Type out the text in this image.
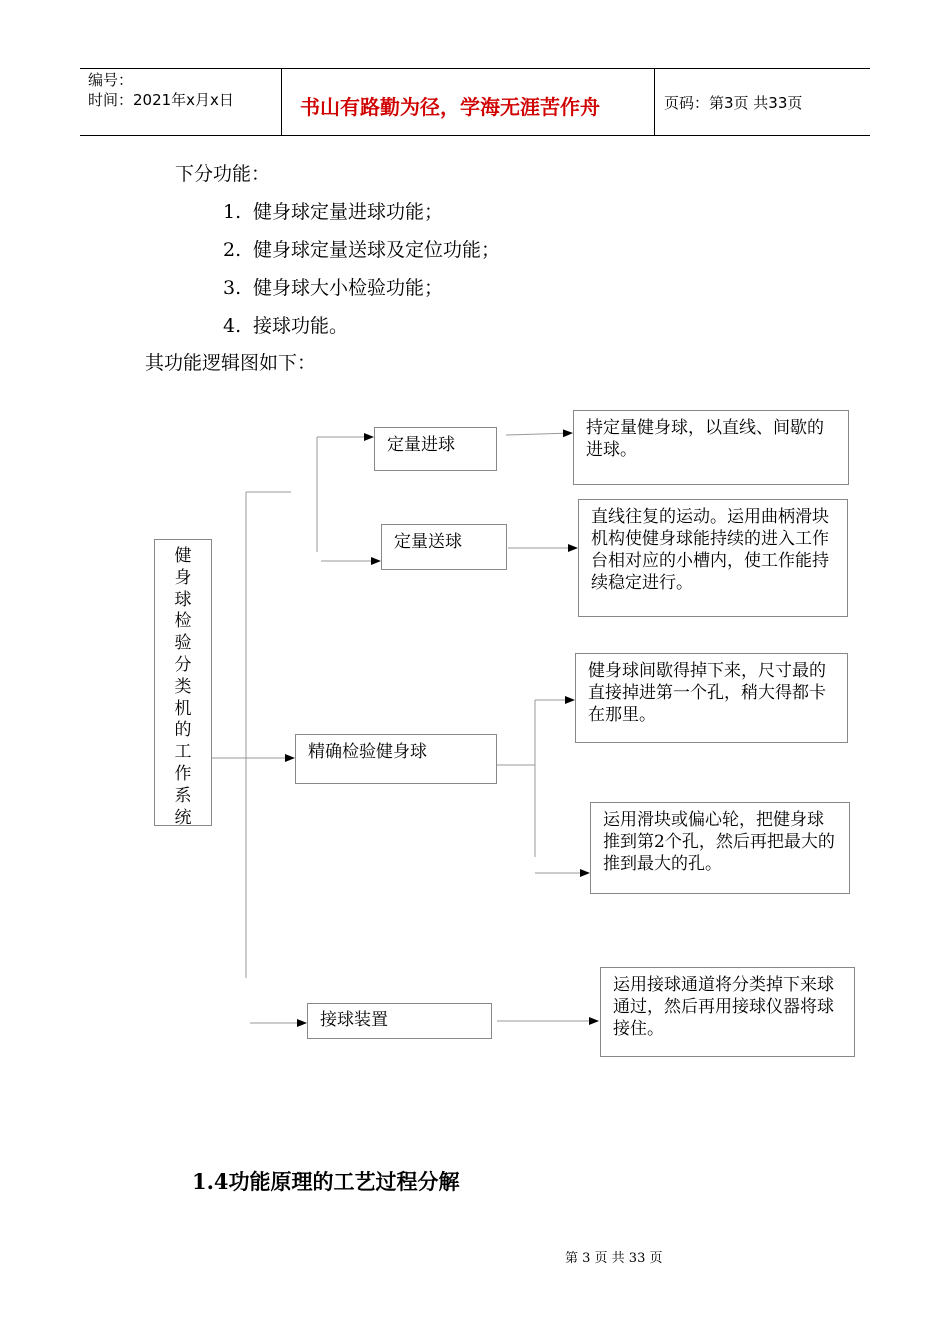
编号：
时间：2021年x月x日	书山有路勤为径，学海无涯苦作舟	页码：第3页 共33页
下分功能：
1. 健身球定量进球功能；
2. 健身球定量送球及定位功能；
3. 健身球大小检验功能；
4. 接球功能。
其功能逻辑图如下：
健
身
球
检
验
分
类
机
的
工
作
系
统
定量进球
定量送球
精确检验健身球
接球装置
持定量健身球，以直线、间歇的进球。
直线往复的运动。运用曲柄滑块机构使健身球能持续的进入工作台相对应的小槽内，使工作能持续稳定进行。
健身球间歇得掉下来，尺寸最的直接掉进第一个孔，稍大得都卡在那里。
运用滑块或偏心轮，把健身球推到第2个孔，然后再把最大的推到最大的孔。
运用接球通道将分类掉下来球通过，然后再用接球仪器将球接住。
1.4功能原理的工艺过程分解
第 3 页 共 33 页
